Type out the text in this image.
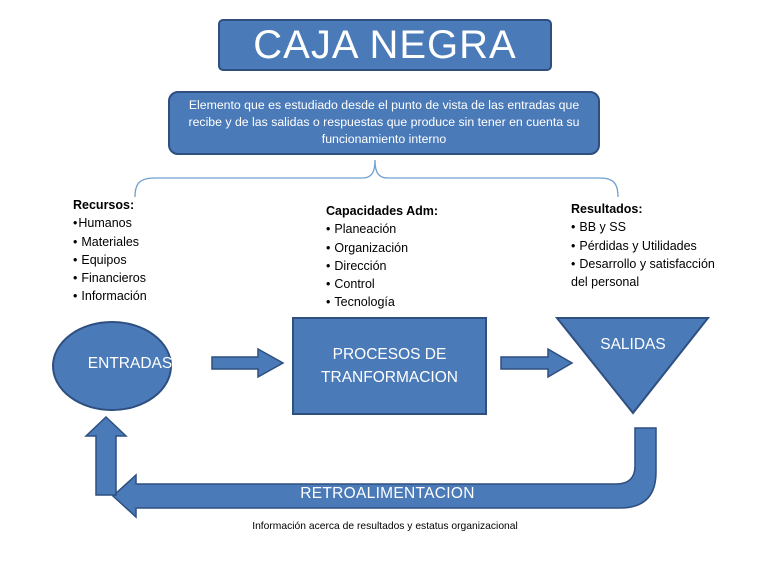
CAJA NEGRA
Elemento que es estudiado desde el punto de vista de las entradas que recibe y de las salidas o respuestas que produce sin tener en cuenta su funcionamiento interno
Recursos:
• Humanos
• Materiales
• Equipos
• Financieros
• Información
Capacidades Adm:
• Planeación
• Organización
• Dirección
• Control
• Tecnología
Resultados:
• BB y SS
• Pérdidas y Utilidades
• Desarrollo y satisfacción del personal
ENTRADAS
PROCESOS DE TRANFORMACION
SALIDAS
RETROALIMENTACION
Información acerca de resultados y estatus organizacional
